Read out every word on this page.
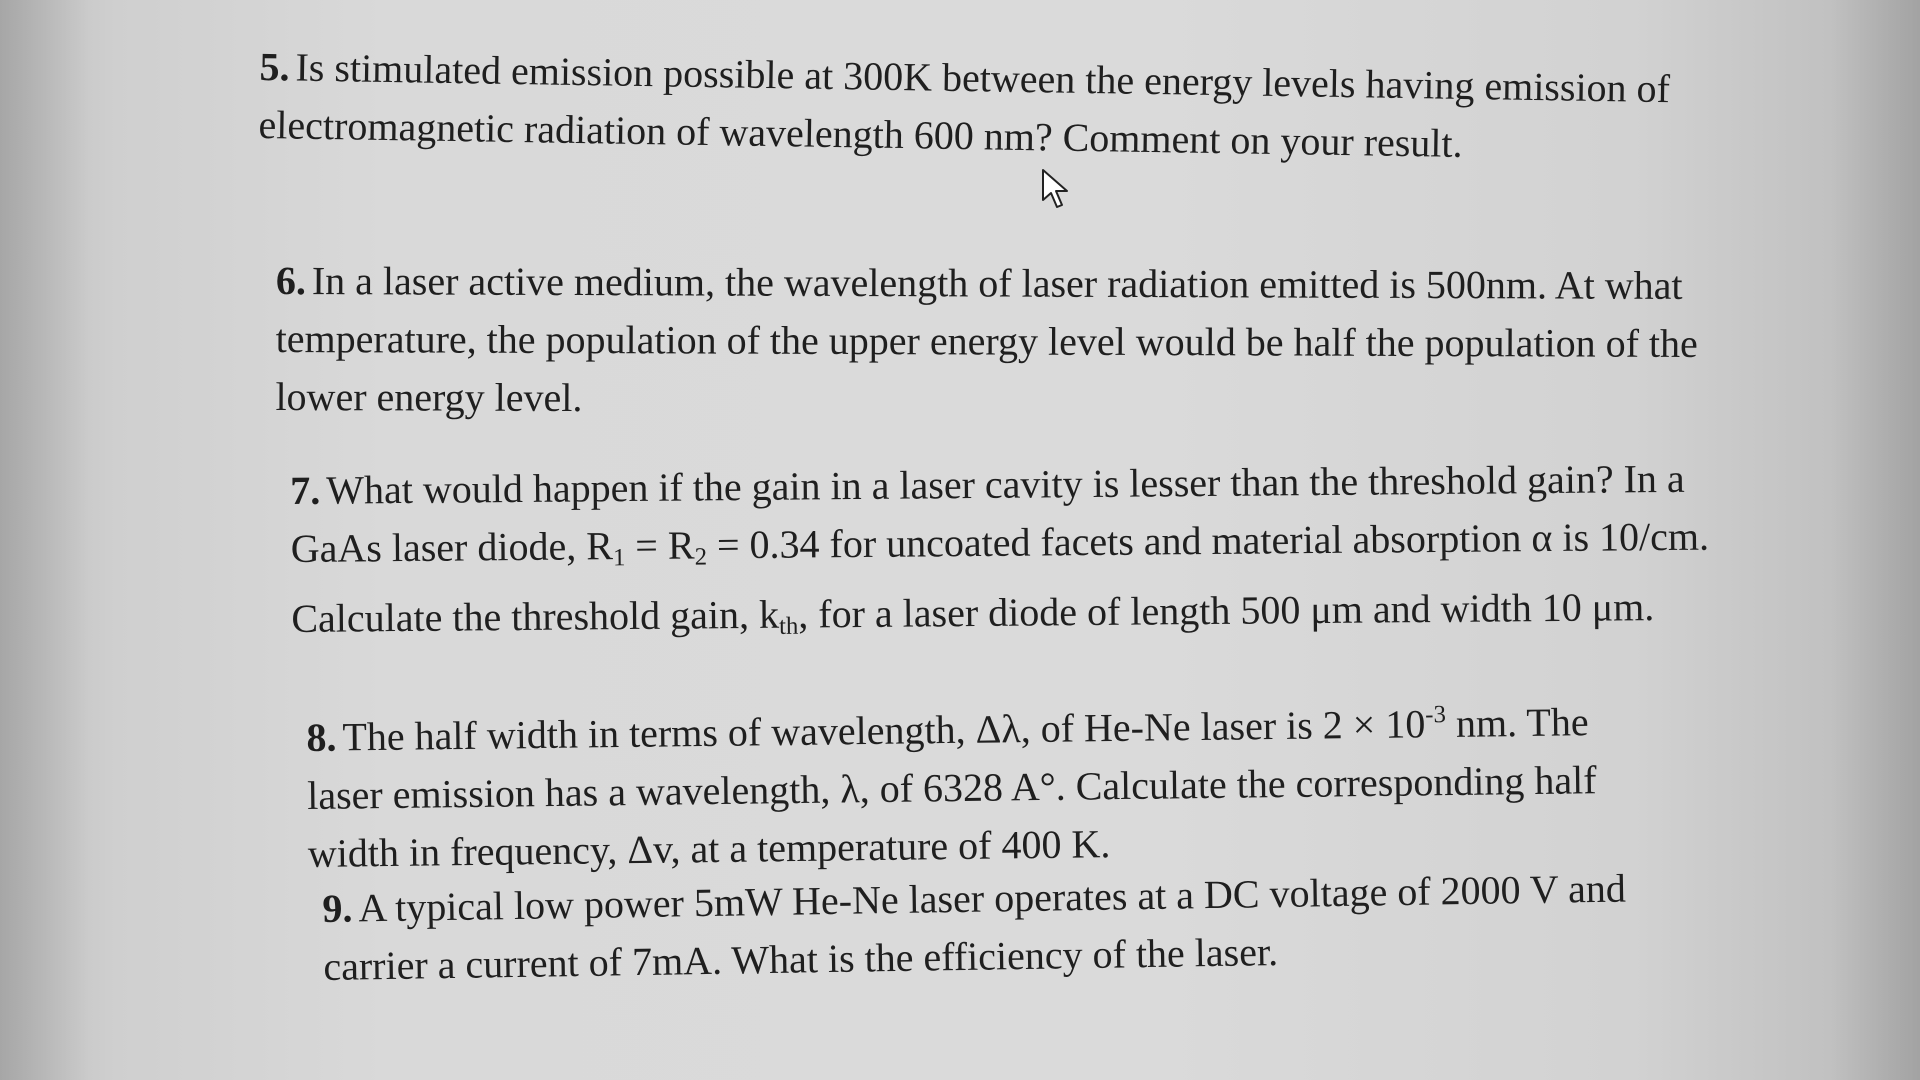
5. Is stimulated emission possible at 300K between the energy levels having emission of electromagnetic radiation of wavelength 600 nm? Comment on your result.
6. In a laser active medium, the wavelength of laser radiation emitted is 500nm. At what temperature, the population of the upper energy level would be half the population of the lower energy level.
7. What would happen if the gain in a laser cavity is lesser than the threshold gain? In a GaAs laser diode, $R_1 = R_2 = 0.34$ for uncoated facets and material absorption α is 10/cm. Calculate the threshold gain, $k_{th}$, for a laser diode of length 500 μm and width 10 μm.
8. The half width in terms of wavelength, Δλ, of He-Ne laser is $2 \times 10^{-3}$ nm. The laser emission has a wavelength, λ, of 6328 A°. Calculate the corresponding half width in frequency, Δv, at a temperature of 400 K.
9. A typical low power 5mW He-Ne laser operates at a DC voltage of 2000 V and carrier a current of 7mA. What is the efficiency of the laser.
